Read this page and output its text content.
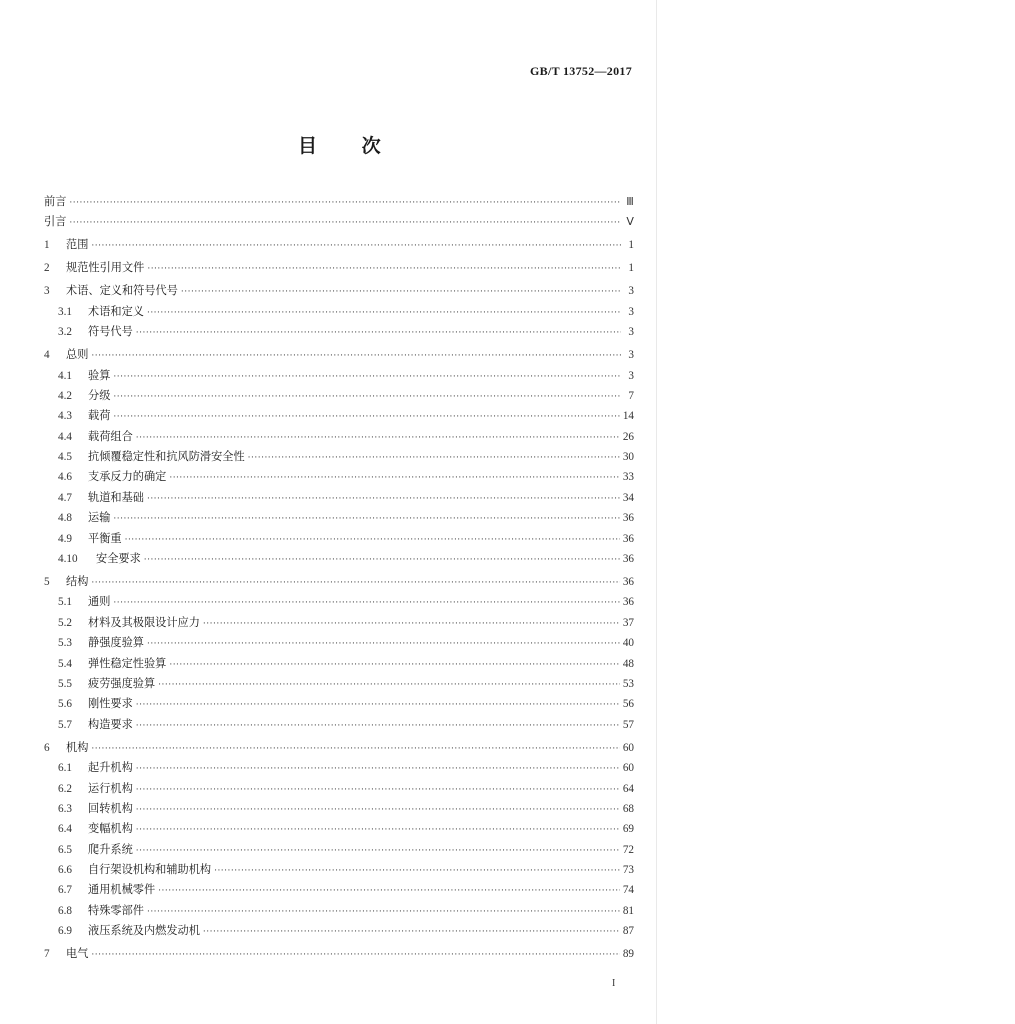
GB/T 13752—2017
目 次
前言 ·····	Ⅲ
引言 ·····	Ⅴ
1	范围 ·····	1
2	规范性引用文件 ·····	1
3	术语、定义和符号代号 ·····	3
3.1	术语和定义 ·····	3
3.2	符号代号 ·····	3
4	总则 ·····	3
4.1	验算 ·····	3
4.2	分级 ·····	7
4.3	载荷 ·····	14
4.4	载荷组合 ·····	26
4.5	抗倾覆稳定性和抗风防滑安全性 ·····	30
4.6	支承反力的确定 ·····	33
4.7	轨道和基础 ·····	34
4.8	运输 ·····	36
4.9	平衡重 ·····	36
4.10	安全要求 ·····	36
5	结构 ·····	36
5.1	通则 ·····	36
5.2	材料及其极限设计应力 ·····	37
5.3	静强度验算 ·····	40
5.4	弹性稳定性验算 ·····	48
5.5	疲劳强度验算 ·····	53
5.6	刚性要求 ·····	56
5.7	构造要求 ·····	57
6	机构 ·····	60
6.1	起升机构 ·····	60
6.2	运行机构 ·····	64
6.3	回转机构 ·····	68
6.4	变幅机构 ·····	69
6.5	爬升系统 ·····	72
6.6	自行架设机构和辅助机构 ·····	73
6.7	通用机械零件 ·····	74
6.8	特殊零部件 ·····	81
6.9	液压系统及内燃发动机 ·····	87
7	电气 ·····	89
I
